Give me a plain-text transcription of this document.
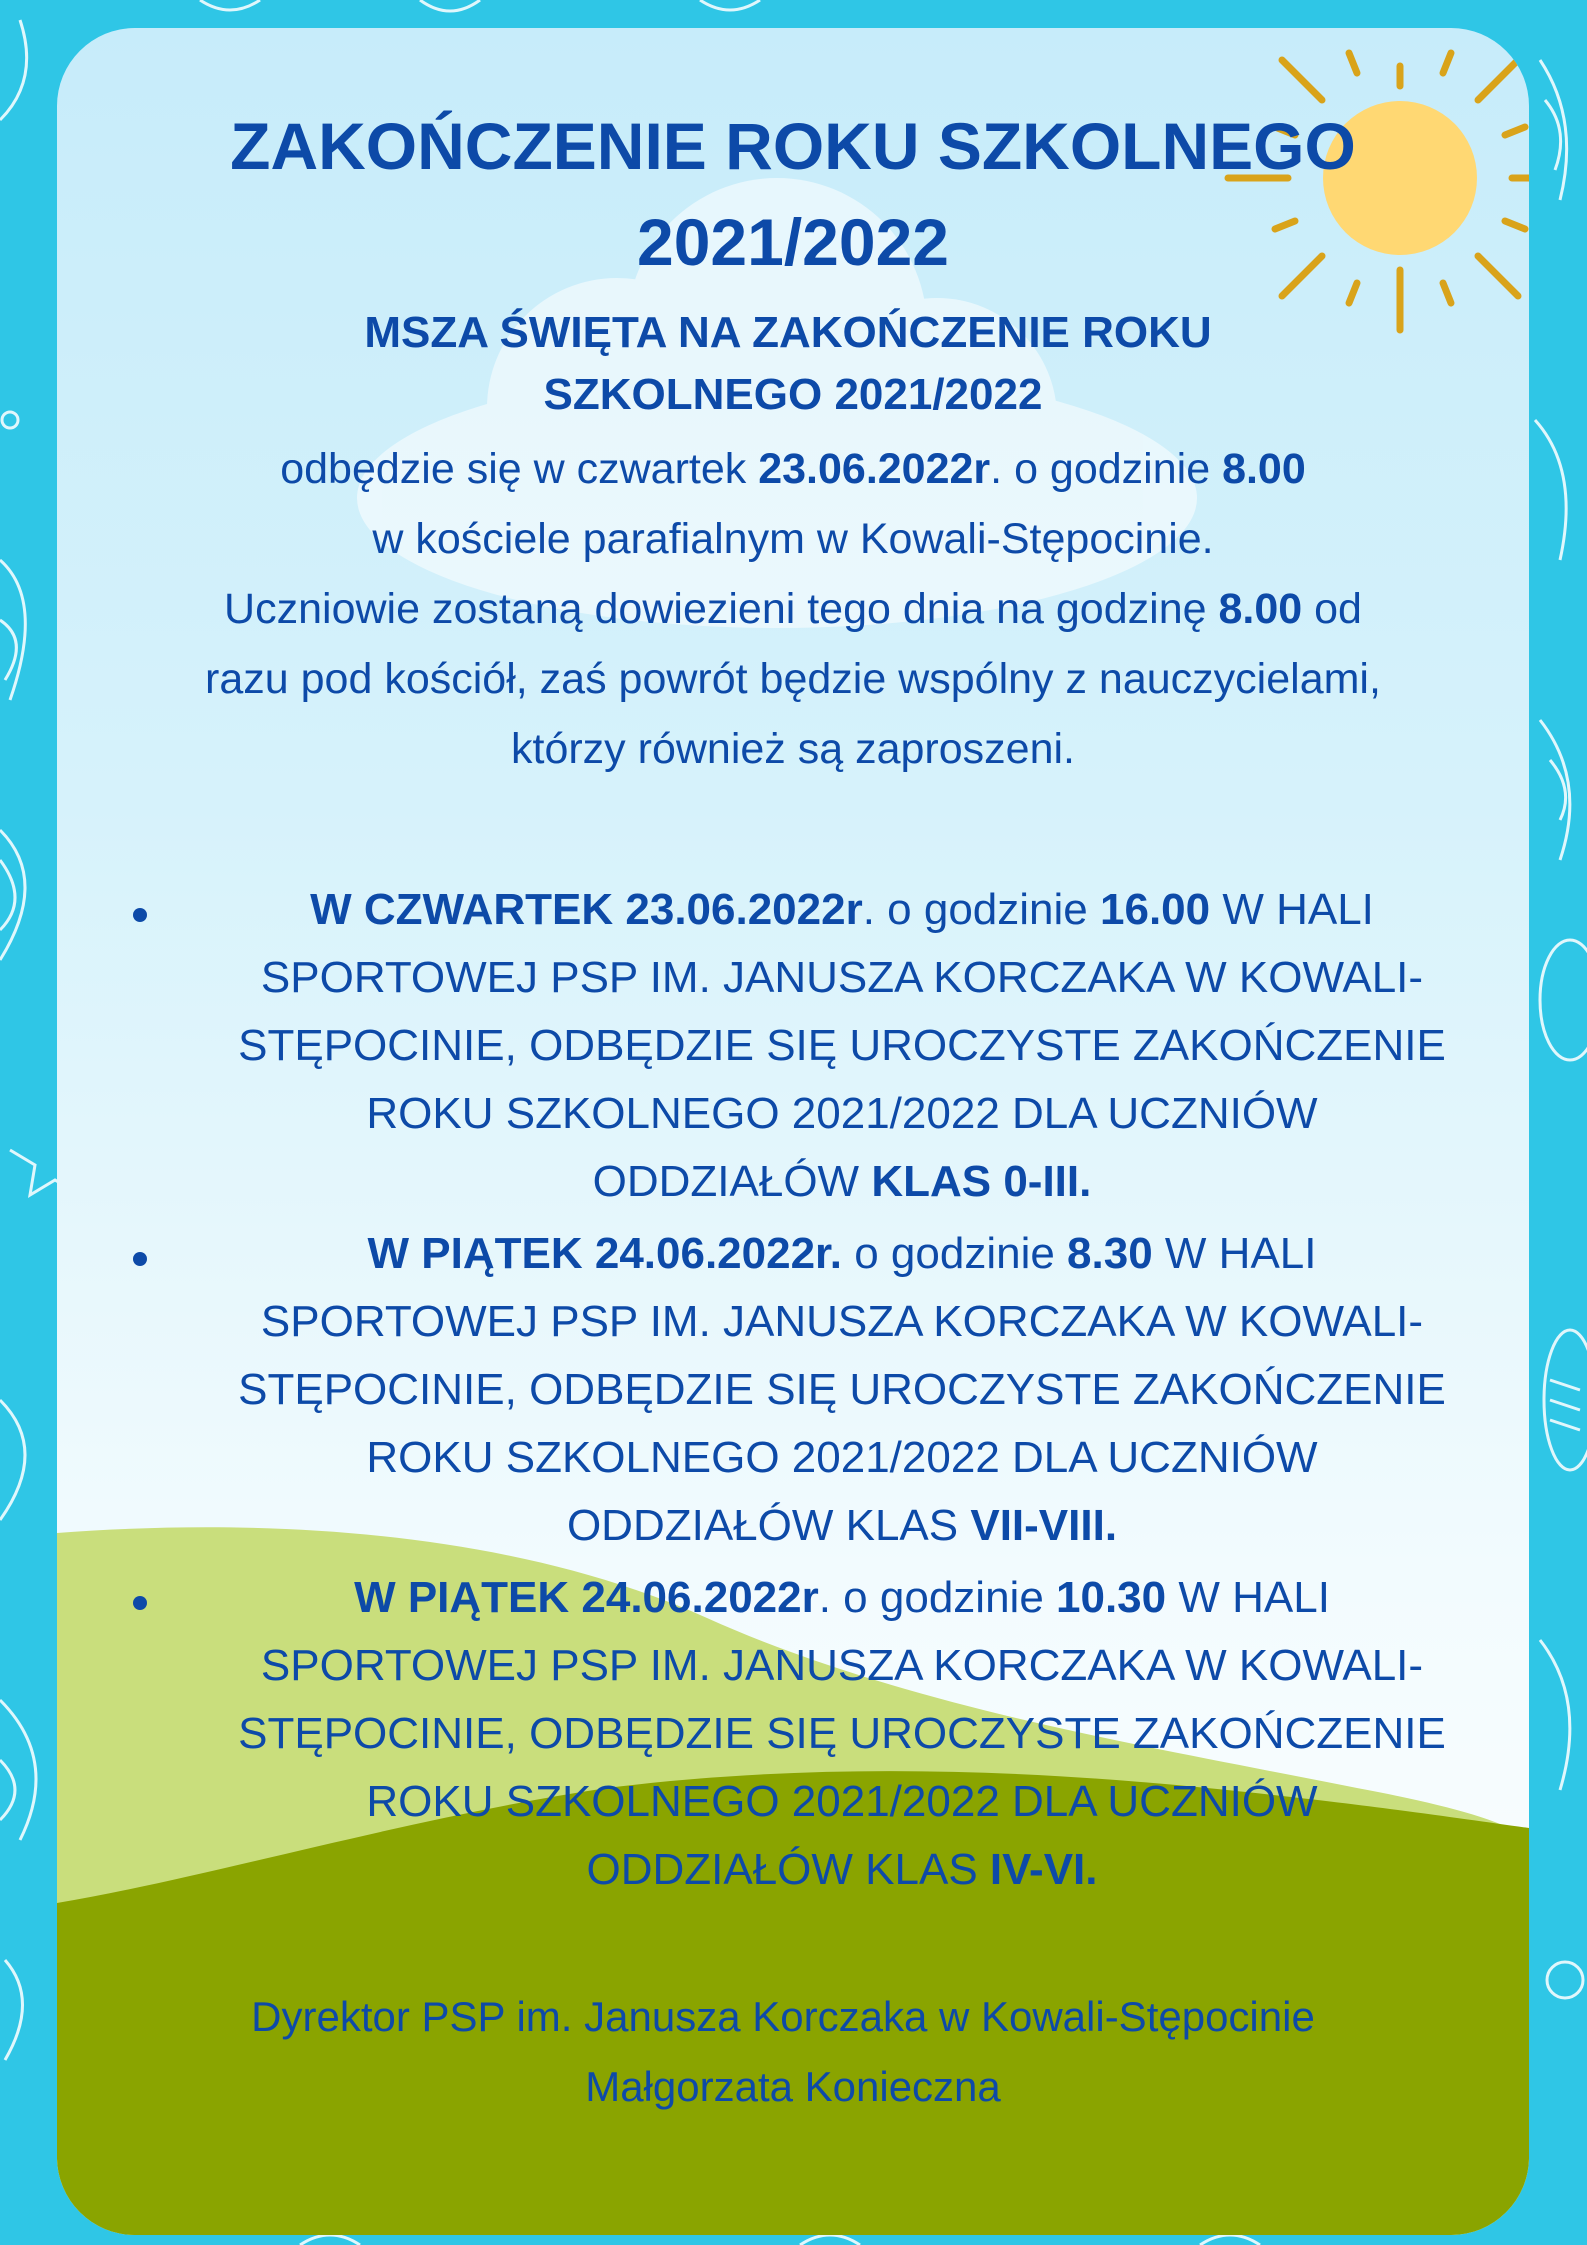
ZAKOŃCZENIE ROKU SZKOLNEGO
2021/2022
MSZA ŚWIĘTA NA ZAKOŃCZENIE ROKU
SZKOLNEGO 2021/2022
odbędzie się w czwartek 23.06.2022r. o godzinie 8.00
w kościele parafialnym w Kowali-Stępocinie.
Uczniowie zostaną dowiezieni tego dnia na godzinę 8.00 od
razu pod kościół, zaś powrót będzie wspólny z nauczycielami,
którzy również są zaproszeni.
W CZWARTEK 23.06.2022r. o godzinie 16.00 W HALI
SPORTOWEJ PSP IM. JANUSZA KORCZAKA W KOWALI-
STĘPOCINIE, ODBĘDZIE SIĘ UROCZYSTE ZAKOŃCZENIE
ROKU SZKOLNEGO 2021/2022 DLA UCZNIÓW
ODDZIAŁÓW KLAS 0-III.
W PIĄTEK 24.06.2022r. o godzinie 8.30 W HALI
SPORTOWEJ PSP IM. JANUSZA KORCZAKA W KOWALI-
STĘPOCINIE, ODBĘDZIE SIĘ UROCZYSTE ZAKOŃCZENIE
ROKU SZKOLNEGO 2021/2022 DLA UCZNIÓW
ODDZIAŁÓW KLAS VII-VIII.
W PIĄTEK 24.06.2022r. o godzinie 10.30 W HALI
SPORTOWEJ PSP IM. JANUSZA KORCZAKA W KOWALI-
STĘPOCINIE, ODBĘDZIE SIĘ UROCZYSTE ZAKOŃCZENIE
ROKU SZKOLNEGO 2021/2022 DLA UCZNIÓW
ODDZIAŁÓW KLAS IV-VI.
Dyrektor PSP im. Janusza Korczaka w Kowali-Stępocinie
Małgorzata Konieczna
